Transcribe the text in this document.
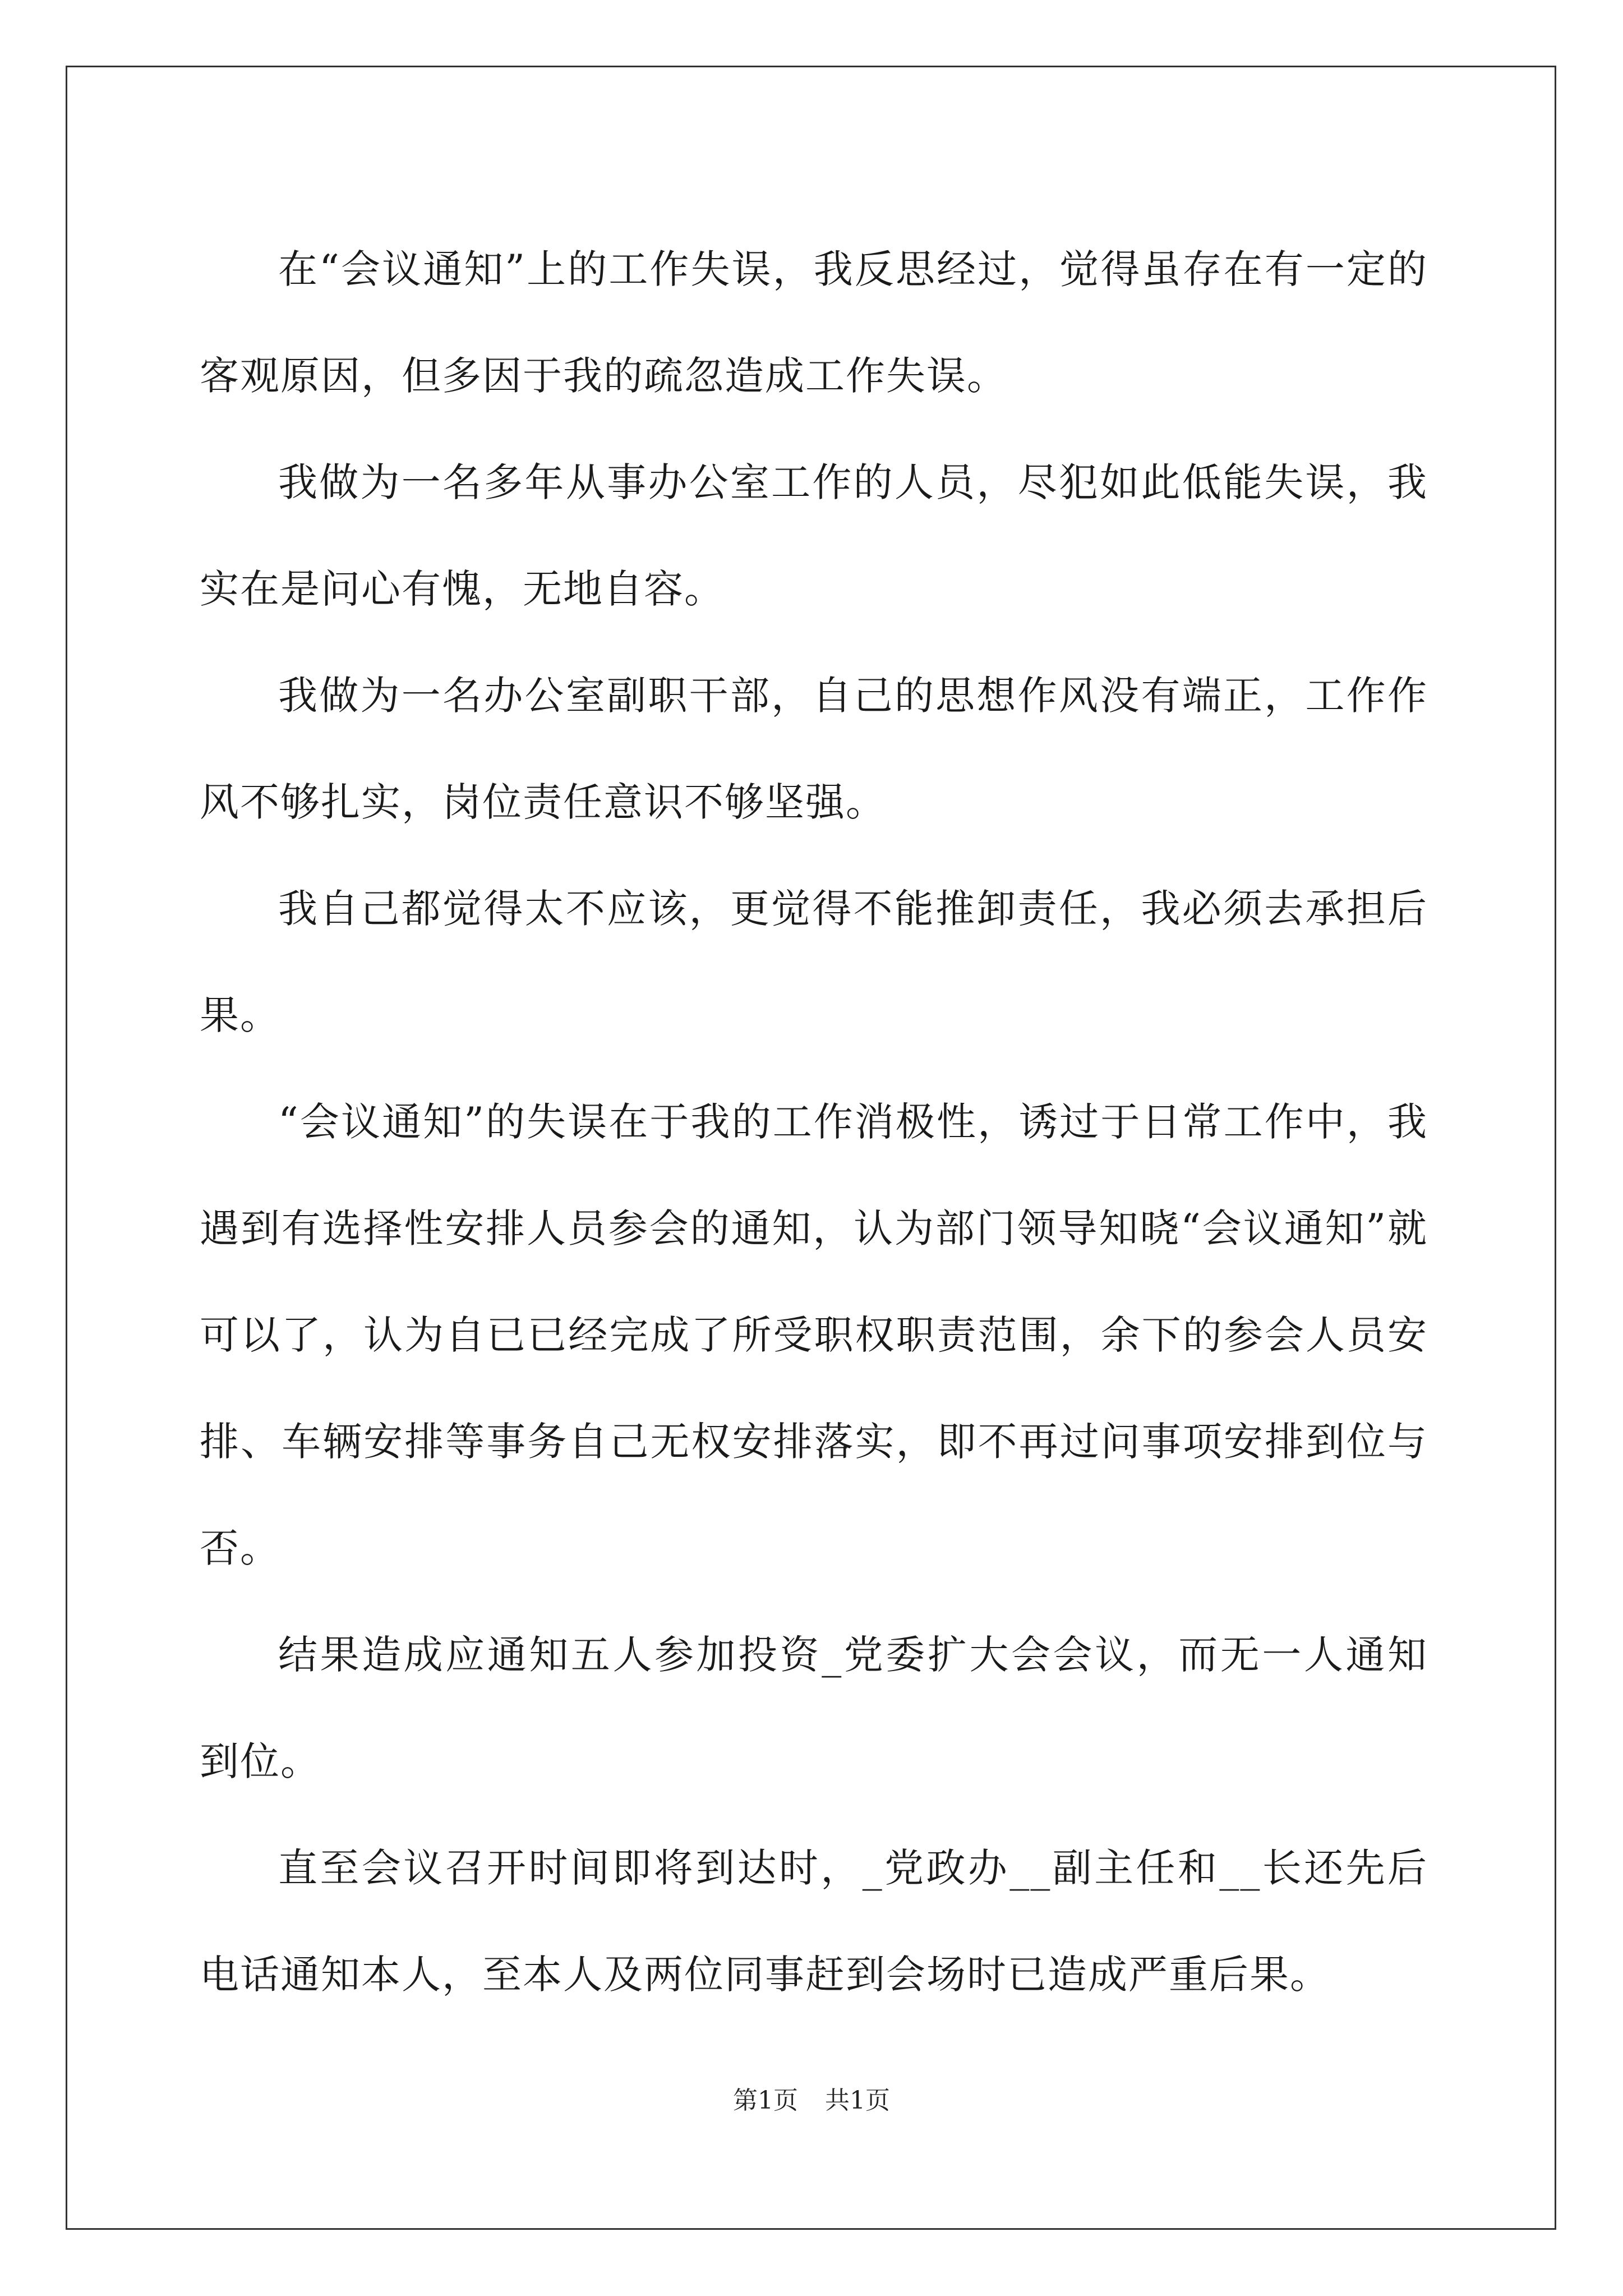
在“会议通知”上的工作失误，我反思经过，觉得虽存在有一定的客观原因，但多因于我的疏忽造成工作失误。

我做为一名多年从事办公室工作的人员，尽犯如此低能失误，我实在是问心有愧，无地自容。

我做为一名办公室副职干部，自己的思想作风没有端正，工作作风不够扎实，岗位责任意识不够坚强。

我自己都觉得太不应该，更觉得不能推卸责任，我必须去承担后果。

“会议通知”的失误在于我的工作消极性，诱过于日常工作中，我遇到有选择性安排人员参会的通知，认为部门领导知晓“会议通知”就可以了，认为自已已经完成了所受职权职责范围，余下的参会人员安排、车辆安排等事务自己无权安排落实，即不再过问事项安排到位与否。

结果造成应通知五人参加投资_党委扩大会会议，而无一人通知到位。

直至会议召开时间即将到达时，_党政办__副主任和__长还先后电话通知本人，至本人及两位同事赶到会场时已造成严重后果。

第1页 共1页
